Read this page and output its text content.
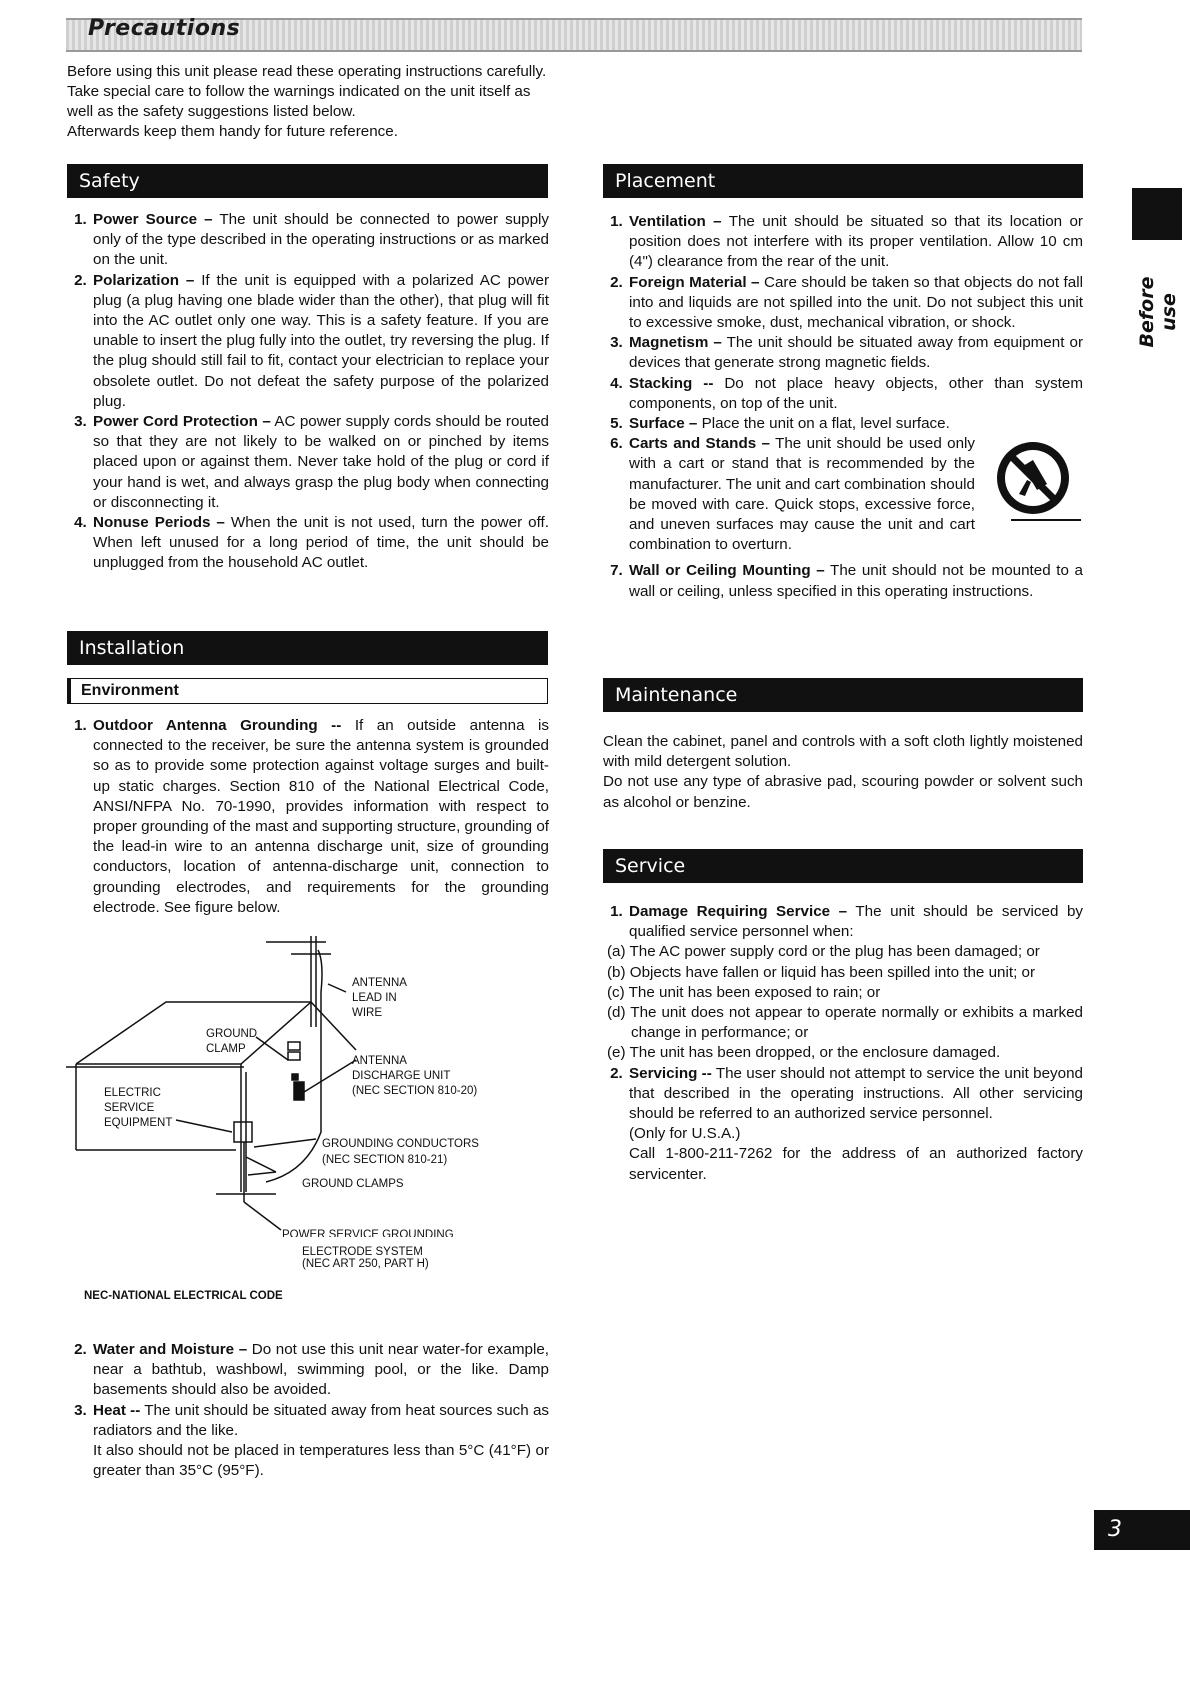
Precautions

Before using this unit please read these operating instructions carefully. Take special care to follow the warnings indicated on the unit itself as well as the safety suggestions listed below.

Afterwards keep them handy for future reference.

Safety
1. Power Source – The unit should be connected to power supply only of the type described in the operating instructions or as marked on the unit.
2. Polarization – If the unit is equipped with a polarized AC power plug (a plug having one blade wider than the other), that plug will fit into the AC outlet only one way. This is a safety feature. If you are unable to insert the plug fully into the outlet, try reversing the plug. If the plug should still fail to fit, contact your electrician to replace your obsolete outlet. Do not defeat the safety purpose of the polarized plug.
3. Power Cord Protection – AC power supply cords should be routed so that they are not likely to be walked on or pinched by items placed upon or against them. Never take hold of the plug or cord if your hand is wet, and always grasp the plug body when connecting or disconnecting it.
4. Nonuse Periods – When the unit is not used, turn the power off. When left unused for a long period of time, the unit should be unplugged from the household AC outlet.
Installation
Environment
1. Outdoor Antenna Grounding -- If an outside antenna is connected to the receiver, be sure the antenna system is grounded so as to provide some protection against voltage surges and built-up static charges. Section 810 of the National Electrical Code, ANSI/NFPA No. 70-1990, provides information with respect to proper grounding of the mast and supporting structure, grounding of the lead-in wire to an antenna discharge unit, size of grounding conductors, location of antenna-discharge unit, connection to grounding electrodes, and requirements for the grounding electrode. See figure below.
ANTENNA
LEAD IN
WIRE
GROUND
CLAMP
ANTENNA
DISCHARGE UNIT
(NEC SECTION 810-20)
ELECTRIC
SERVICE
EQUIPMENT
GROUNDING CONDUCTORS
(NEC SECTION 810-21)
GROUND CLAMPS
POWER SERVICE GROUNDING
ELECTRODE SYSTEM
(NEC ART 250, PART H)
NEC-NATIONAL ELECTRICAL CODE
2. Water and Moisture – Do not use this unit near water-for example, near a bathtub, washbowl, swimming pool, or the like. Damp basements should also be avoided.
3. Heat -- The unit should be situated away from heat sources such as radiators and the like.
It also should not be placed in temperatures less than 5°C (41°F) or greater than 35°C (95°F).
Placement
1. Ventilation – The unit should be situated so that its location or position does not interfere with its proper ventilation. Allow 10 cm (4") clearance from the rear of the unit.
2. Foreign Material – Care should be taken so that objects do not fall into and liquids are not spilled into the unit. Do not subject this unit to excessive smoke, dust, mechanical vibration, or shock.
3. Magnetism – The unit should be situated away from equipment or devices that generate strong magnetic fields.
4. Stacking -- Do not place heavy objects, other than system components, on top of the unit.
5. Surface – Place the unit on a flat, level surface.
6. Carts and Stands – The unit should be used only with a cart or stand that is recommended by the manufacturer. The unit and cart combination should be moved with care. Quick stops, excessive force, and uneven surfaces may cause the unit and cart combination to overturn.
7. Wall or Ceiling Mounting – The unit should not be mounted to a wall or ceiling, unless specified in this operating instructions.
Maintenance

Clean the cabinet, panel and controls with a soft cloth lightly moistened with mild detergent solution.

Do not use any type of abrasive pad, scouring powder or solvent such as alcohol or benzine.

Service
1. Damage Requiring Service – The unit should be serviced by qualified service personnel when:
(a) The AC power supply cord or the plug has been damaged; or
(b) Objects have fallen or liquid has been spilled into the unit; or
(c) The unit has been exposed to rain; or
(d) The unit does not appear to operate normally or exhibits a marked change in performance; or
(e) The unit has been dropped, or the enclosure damaged.
2. Servicing -- The user should not attempt to service the unit beyond that described in the operating instructions. All other servicing should be referred to an authorized service personnel.
(Only for U.S.A.)
Call 1-800-211-7262 for the address of an authorized factory servicenter.
Before use
3
